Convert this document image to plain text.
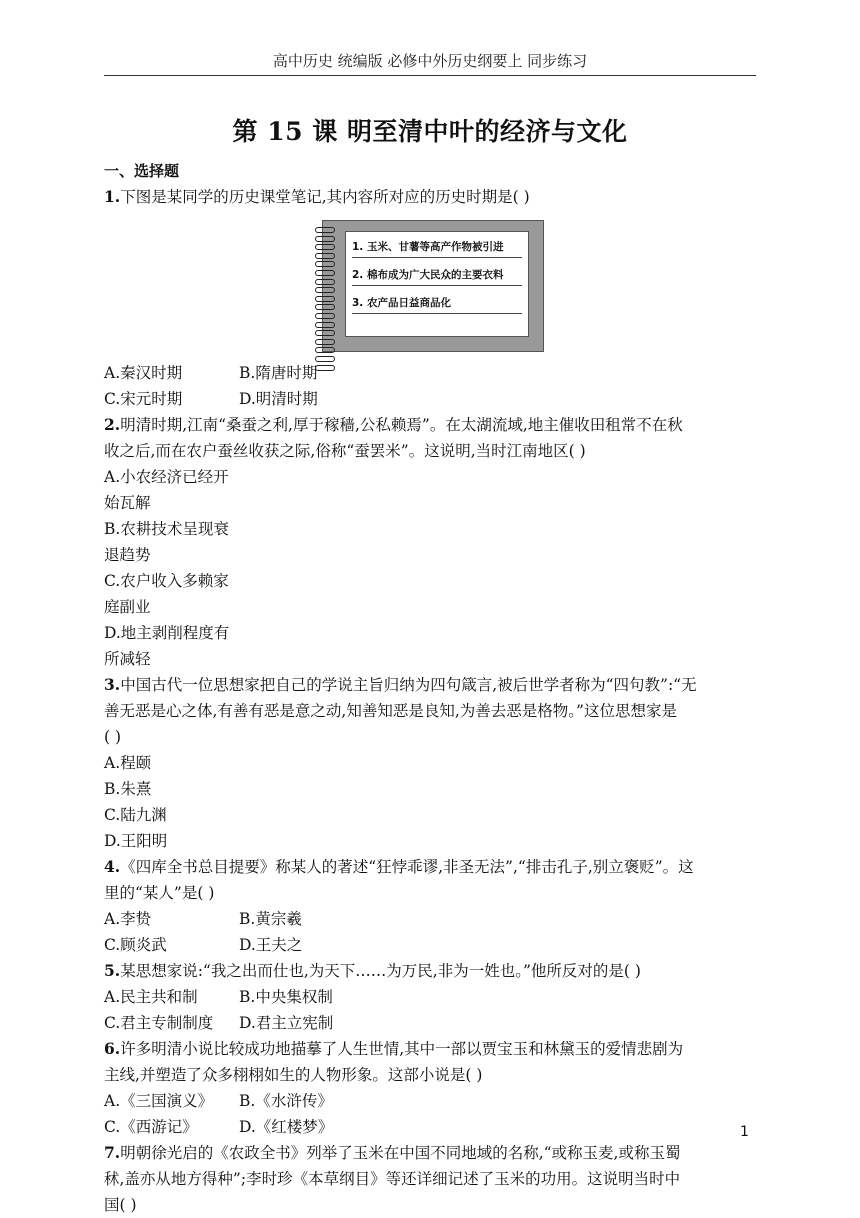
高中历史 统编版 必修中外历史纲要上 同步练习
第 15 课 明至清中叶的经济与文化
一、选择题

1.下图是某同学的历史课堂笔记,其内容所对应的历史时期是( )

1. 玉米、甘薯等高产作物被引进
2. 棉布成为广大民众的主要衣料
3. 农产品日益商品化
A.秦汉时期	B.隋唐时期
C.宋元时期	D.明清时期

2.明清时期,江南“桑蚕之利,厚于稼穑,公私赖焉”。在太湖流域,地主催收田租常不在秋

收之后,而在农户蚕丝收获之际,俗称“蚕罢米”。这说明,当时江南地区( )

A.小农经济已经开始瓦解
B.农耕技术呈现衰退趋势
C.农户收入多赖家庭副业
D.地主剥削程度有所减轻

3.中国古代一位思想家把自己的学说主旨归纳为四句箴言,被后世学者称为“四句教”:“无

善无恶是心之体,有善有恶是意之动,知善知恶是良知,为善去恶是格物。”这位思想家是

( )

A.程颐
B.朱熹
C.陆九渊
D.王阳明

4.《四库全书总目提要》称某人的著述“狂悖乖谬,非圣无法”,“排击孔子,别立褒贬”。这

里的“某人”是( )

A.李贽	B.黄宗羲
C.顾炎武	D.王夫之

5.某思想家说:“我之出而仕也,为天下……为万民,非为一姓也。”他所反对的是( )

A.民主共和制	B.中央集权制
C.君主专制制度	D.君主立宪制

6.许多明清小说比较成功地描摹了人生世情,其中一部以贾宝玉和林黛玉的爱情悲剧为

主线,并塑造了众多栩栩如生的人物形象。这部小说是( )

A.《三国演义》	B.《水浒传》
C.《西游记》	D.《红楼梦》

7.明朝徐光启的《农政全书》列举了玉米在中国不同地域的名称,“或称玉麦,或称玉蜀

秫,盖亦从地方得种”;李时珍《本草纲目》等还详细记述了玉米的功用。这说明当时中

国( )

1
